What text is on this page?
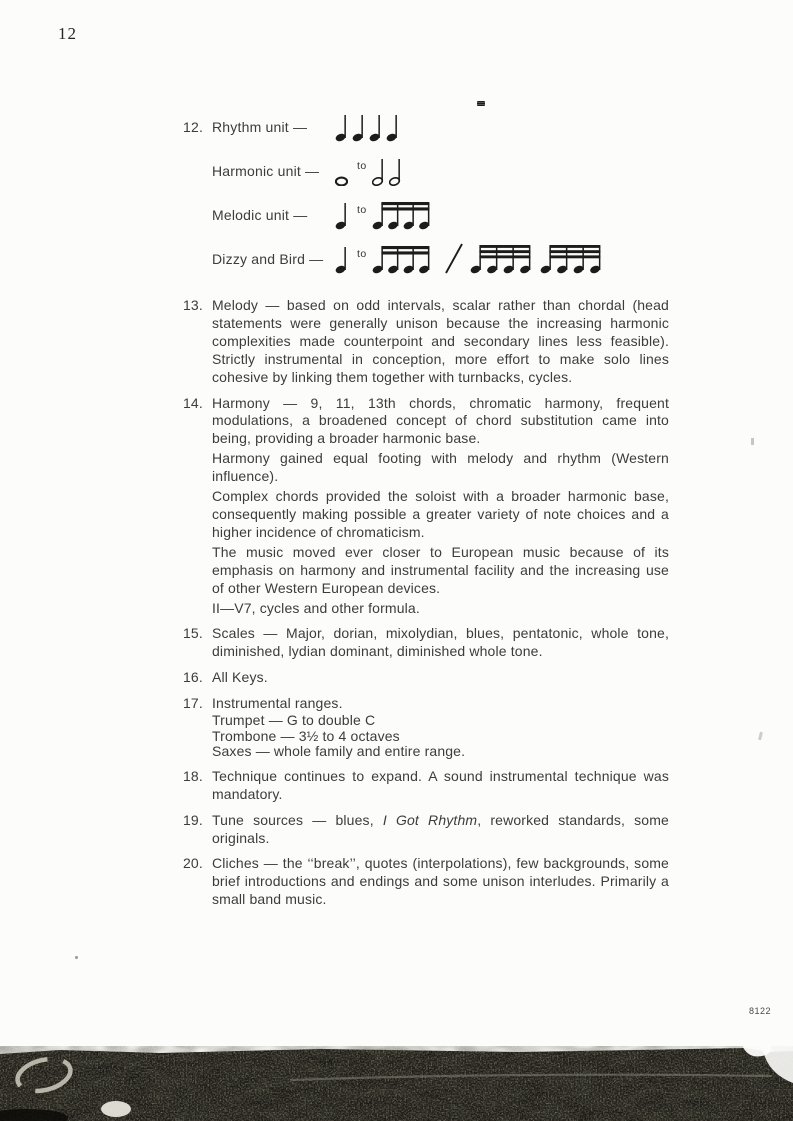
12
12. Rhythm unit —
Harmonic unit —	to
Melodic unit —	to
Dizzy and Bird —	to
13. Melody — based on odd intervals, scalar rather than chordal (head statements were generally unison because the increasing harmonic complexities made counterpoint and secondary lines less feasible). Strictly instrumental in conception, more effort to make solo lines cohesive by linking them together with turnbacks, cycles.

14. Harmony — 9, 11, 13th chords, chromatic harmony, frequent modulations, a broadened concept of chord substitution came into being, providing a broader harmonic base.

Harmony gained equal footing with melody and rhythm (Western influence).

Complex chords provided the soloist with a broader harmonic base, consequently making possible a greater variety of note choices and a higher incidence of chromaticism.

The music moved ever closer to European music because of its emphasis on harmony and instrumental facility and the increasing use of other Western European devices.

II—V7, cycles and other formula.

15. Scales — Major, dorian, mixolydian, blues, pentatonic, whole tone, diminished, lydian dominant, diminished whole tone.

16. All Keys.

17. Instrumental ranges.

Trumpet — G to double C

Trombone — 3½ to 4 octaves

Saxes — whole family and entire range.

18. Technique continues to expand. A sound instrumental technique was mandatory.

19. Tune sources — blues, I Got Rhythm, reworked standards, some originals.

20. Cliches — the ‘‘break’’, quotes (interpolations), few backgrounds, some brief introductions and endings and some unison interludes. Primarily a small band music.

8122
